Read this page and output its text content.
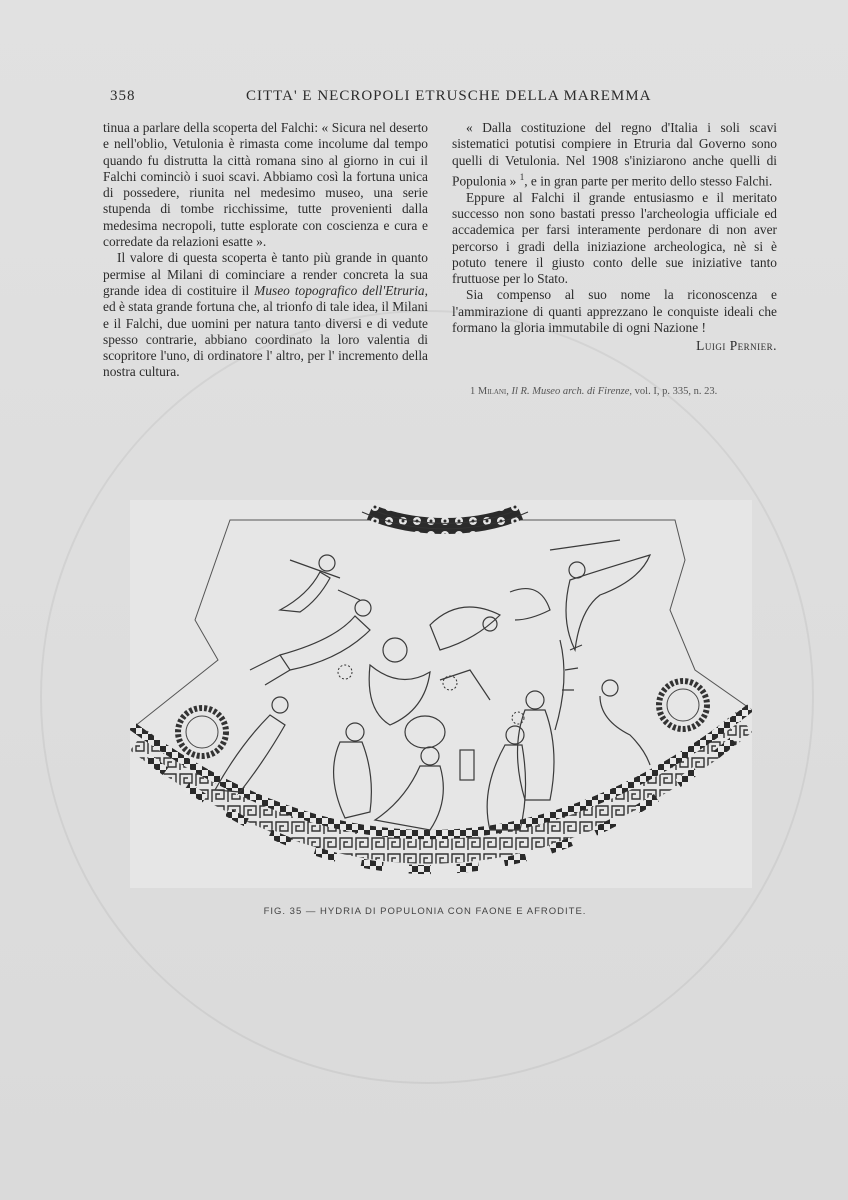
358	CITTA' E NECROPOLI ETRUSCHE DELLA MAREMMA

tinua a parlare della scoperta del Falchi: « Sicura nel deserto e nell'oblio, Vetulonia è rimasta come incolume dal tempo quando fu distrutta la città romana sino al giorno in cui il Falchi cominciò i suoi scavi. Abbiamo così la fortuna unica di possedere, riunita nel medesimo museo, una serie stupenda di tombe ricchissime, tutte provenienti dalla medesima necropoli, tutte esplorate con coscienza e cura e corredate da relazioni esatte ».

Il valore di questa scoperta è tanto più grande in quanto permise al Milani di cominciare a render concreta la sua grande idea di costituire il Museo topografico dell'Etruria, ed è stata grande fortuna che, al trionfo di tale idea, il Milani e il Falchi, due uomini per natura tanto diversi e di vedute spesso contrarie, abbiano coordinato la loro valentia di scopritore l'uno, di ordinatore l' altro, per l' incremento della nostra cultura.

« Dalla costituzione del regno d'Italia i soli scavi sistematici potutisi compiere in Etruria dal Governo sono quelli di Vetulonia. Nel 1908 s'iniziarono anche quelli di Populonia » $^1$, e in gran parte per merito dello stesso Falchi.

Eppure al Falchi il grande entusiasmo e il meritato successo non sono bastati presso l'archeologia ufficiale ed accademica per farsi interamente perdonare di non aver percorso i gradi della iniziazione archeologica, nè si è potuto tenere il giusto conto delle sue iniziative tanto fruttuose per lo Stato.

Sia compenso al suo nome la riconoscenza e l'ammirazione di quanti apprezzano le conquiste ideali che formano la gloria immutabile di ogni Nazione !

Luigi Pernier.
1 Milani, Il R. Museo arch. di Firenze, vol. I, p. 335, n. 23.
FIG. 35 — HYDRIA DI POPULONIA CON FAONE E AFRODITE.
